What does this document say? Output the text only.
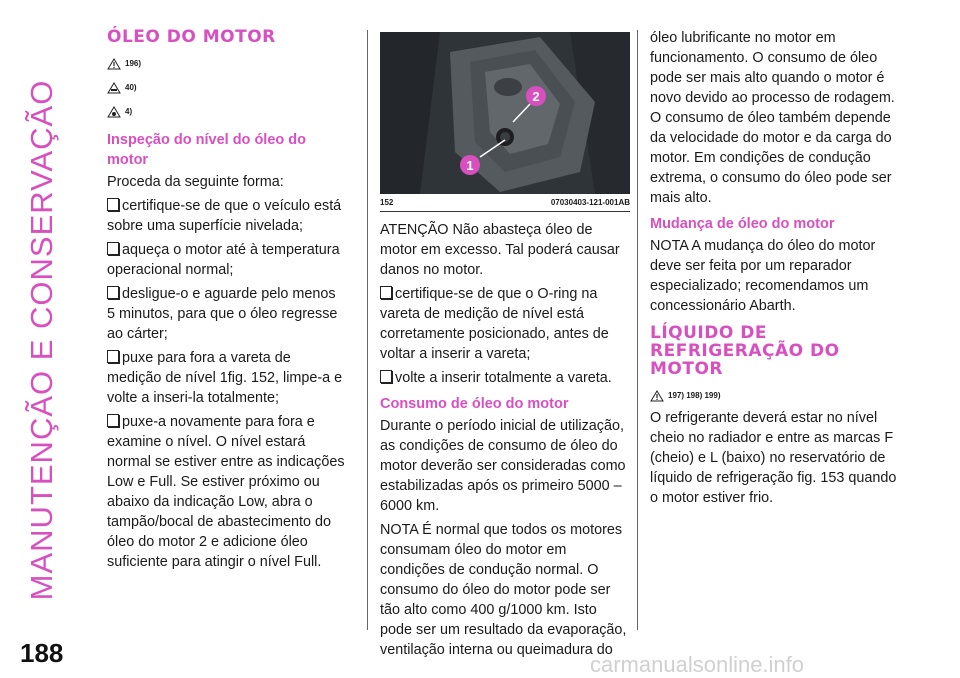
MANUTENÇÃO E CONSERVAÇÃO
188
ÓLEO DO MOTOR
196)
40)
4)
Inspeção do nível do óleo do motor

Proceda da seguinte forma:

certifique-se de que o veículo está sobre uma superfície nivelada;

aqueça o motor até à temperatura operacional normal;

desligue-o e aguarde pelo menos 5 minutos, para que o óleo regresse ao cárter;

puxe para fora a vareta de medição de nível 1fig. 152, limpe-a e volte a inseri-la totalmente;

puxe-a novamente para fora e examine o nível. O nível estará normal se estiver entre as indicações Low e Full. Se estiver próximo ou abaixo da indicação Low, abra o tampão/bocal de abastecimento do óleo do motor 2 e adicione óleo suficiente para atingir o nível Full.

1
2
152	07030403-121-001AB

ATENÇÃO Não abasteça óleo de motor em excesso. Tal poderá causar danos no motor.

certifique-se de que o O-ring na vareta de medição de nível está corretamente posicionado, antes de voltar a inserir a vareta;

volte a inserir totalmente a vareta.

Consumo de óleo do motor

Durante o período inicial de utilização, as condições de consumo de óleo do motor deverão ser consideradas como estabilizadas após os primeiro 5000 – 6000 km.

NOTA É normal que todos os motores consumam óleo do motor em condições de condução normal. O consumo do óleo do motor pode ser tão alto como 400 g/1000 km. Isto pode ser um resultado da evaporação, ventilação interna ou queimadura do

óleo lubrificante no motor em funcionamento. O consumo de óleo pode ser mais alto quando o motor é novo devido ao processo de rodagem. O consumo de óleo também depende da velocidade do motor e da carga do motor. Em condições de condução extrema, o consumo do óleo pode ser mais alto.

Mudança de óleo do motor

NOTA A mudança do óleo do motor deve ser feita por um reparador especializado; recomendamos um concessionário Abarth.

LÍQUIDO DE REFRIGERAÇÃO DO MOTOR
197) 198) 199)

O refrigerante deverá estar no nível cheio no radiador e entre as marcas F (cheio) e L (baixo) no reservatório de líquido de refrigeração fig. 153 quando o motor estiver frio.

carmanualsonline.info
